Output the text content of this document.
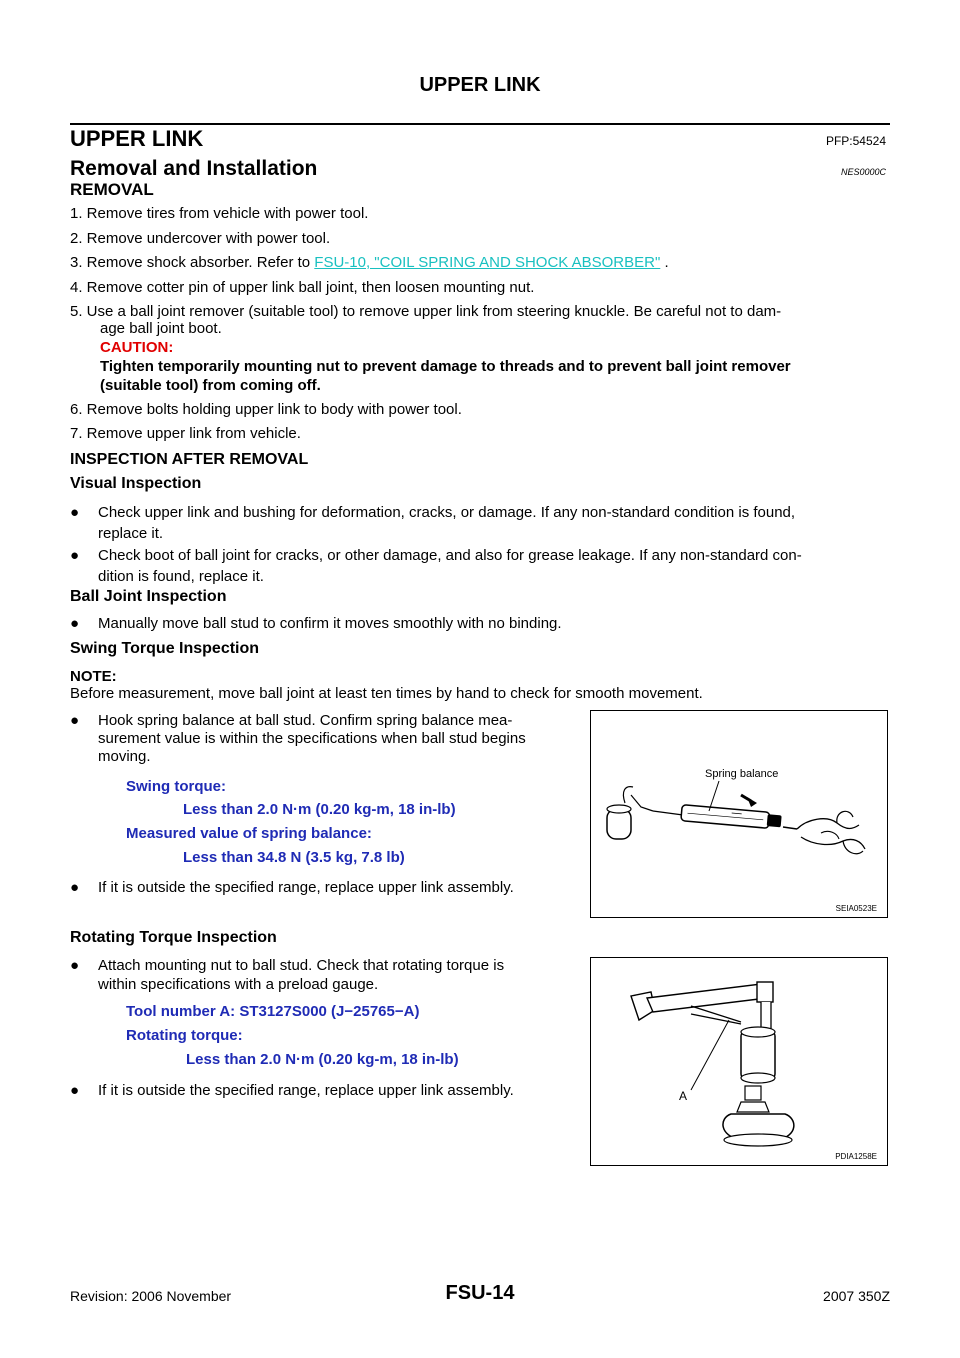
UPPER LINK
UPPER LINK	PFP:54524
Removal and Installation	NES0000C
REMOVAL
1. Remove tires from vehicle with power tool.
2. Remove undercover with power tool.
3. Remove shock absorber. Refer to FSU-10, "COIL SPRING AND SHOCK ABSORBER" .
4. Remove cotter pin of upper link ball joint, then loosen mounting nut.
5. Use a ball joint remover (suitable tool) to remove upper link from steering knuckle. Be careful not to dam-
age ball joint boot.
CAUTION:
Tighten temporarily mounting nut to prevent damage to threads and to prevent ball joint remover
(suitable tool) from coming off.
6. Remove bolts holding upper link to body with power tool.
7. Remove upper link from vehicle.
INSPECTION AFTER REMOVAL
Visual Inspection
● Check upper link and bushing for deformation, cracks, or damage. If any non-standard condition is found,
replace it.
● Check boot of ball joint for cracks, or other damage, and also for grease leakage. If any non-standard con-
dition is found, replace it.
Ball Joint Inspection
● Manually move ball stud to confirm it moves smoothly with no binding.
Swing Torque Inspection
NOTE:
Before measurement, move ball joint at least ten times by hand to check for smooth movement.
● Hook spring balance at ball stud. Confirm spring balance mea-
surement value is within the specifications when ball stud begins
moving.
Swing torque:
Less than 2.0 N·m (0.20 kg-m, 18 in-lb)
Measured value of spring balance:
Less than 34.8 N (3.5 kg, 7.8 lb)
● If it is outside the specified range, replace upper link assembly.
Spring balance
SEIA0523E
Rotating Torque Inspection
● Attach mounting nut to ball stud. Check that rotating torque is
within specifications with a preload gauge.
Tool number A: ST3127S000 (J−25765−A)
Rotating torque:
Less than 2.0 N·m (0.20 kg-m, 18 in-lb)
● If it is outside the specified range, replace upper link assembly.	A
PDIA1258E
Revision: 2006 November	FSU-14	2007 350Z
